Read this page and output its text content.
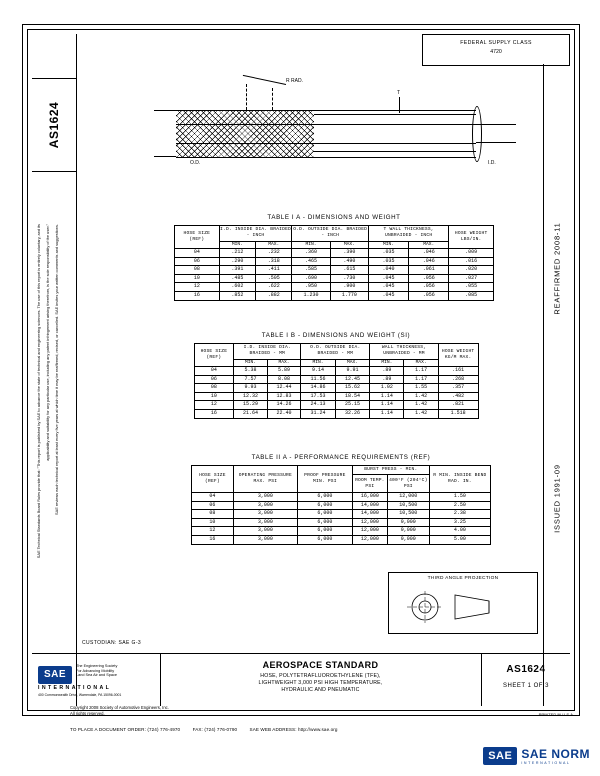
FEDERAL SUPPLY CLASS
4720
AS1624
SAE Technical Standards Board Rules provide that: "This report is published by SAE to advance the state of technical and engineering sciences. The use of this report is entirely voluntary, and its applicability and suitability for any particular use, including any patent infringement arising therefrom, is the sole responsibility of the user." SAE reviews each technical report at least every five years at which time it may be reaffirmed, revised, or cancelled. SAE invites your written comments and suggestions.	REAFFIRMED 2008-11
ISSUED 1991-09
R RAD.
T
O.D.	I.D.
TABLE I A - DIMENSIONS AND WEIGHT
HOSE SIZE (REF)	I.D. INSIDE DIA. BRAIDED - INCH		O.D. OUTSIDE DIA. BRAIDED - INCH		T WALL THICKNESS, UNBRAIDED - INCH		HOSE WEIGHT LBS/IN.
	MIN.	MAX.	MIN.	MAX.	MIN.	MAX.	
04	.212	.232	.360	.390	.035	.046	.009
06	.290	.318	.465	.490	.035	.046	.016
08	.391	.411	.585	.615	.040	.061	.020
10	.485	.505	.690	.730	.045	.056	.027
12	.602	.622	.950	.900	.045	.056	.055
16	.852	.882	1.230	1.770	.045	.056	.085
TABLE I B - DIMENSIONS AND WEIGHT (SI)
HOSE SIZE (REF)	I.D. INSIDE DIA. BRAIDED - MM		O.D. OUTSIDE DIA. BRAIDED - MM		WALL THICKNESS, UNBRAIDED - MM		HOSE WEIGHT KG/M MAX.
	MIN.	MAX.	MIN.	MAX.	MIN.	MAX.	
04	5.38	5.89	9.14	9.91	.89	1.17	.161
06	7.57	8.08	11.56	12.45	.89	1.17	.268
08	9.93	12.44	14.86	15.62	1.02	1.55	.357
10	12.32	12.83	17.53	18.54	1.14	1.42	.482
12	15.29	14.26	24.13	25.15	1.14	1.42	.821
16	21.64	22.40	31.24	32.26	1.14	1.42	1.518
TABLE II A - PERFORMANCE REQUIREMENTS (REF)
HOSE SIZE (REF)	OPERATING PRESSURE MAX. PSI	PROOF PRESSURE MIN. PSI	BURST PRESS - MIN.		R MIN. INSIDE BEND RAD. IN.
			ROOM TEMP. PSI	400°F (204°C) PSI	
04	3,000	6,000	16,000	12,000	1.50
06	3,000	6,000	14,000	10,500	2.50
08	3,000	6,000	14,000	10,500	2.38
10	3,000	6,000	12,000	9,000	3.25
12	3,000	6,000	12,000	9,000	4.00
16	3,000	6,000	12,000	9,000	5.00
THIRD ANGLE PROJECTION
CUSTODIAN: SAE G-3
SAE
The Engineering Society
For Advancing Mobility
Land Sea Air and Space
INTERNATIONAL
400 Commonwealth Drive, Warrendale, PA 15096-0001
AEROSPACE STANDARD
HOSE, POLYTETRAFLUOROETHYLENE (TFE),
LIGHTWEIGHT 3,000 PSI HIGH TEMPERATURE,
HYDRAULIC AND PNEUMATIC
AS1624
SHEET 1 OF 3
Copyright 2008 Society of Automotive Engineers, Inc.
All rights reserved.
TO PLACE A DOCUMENT ORDER: (724) 776-4970	FAX: (724) 776-0790	SAE WEB ADDRESS: http://www.sae.org
PRINTED IN U.S.A.
SAE SAE NORM
INTERNATIONAL
